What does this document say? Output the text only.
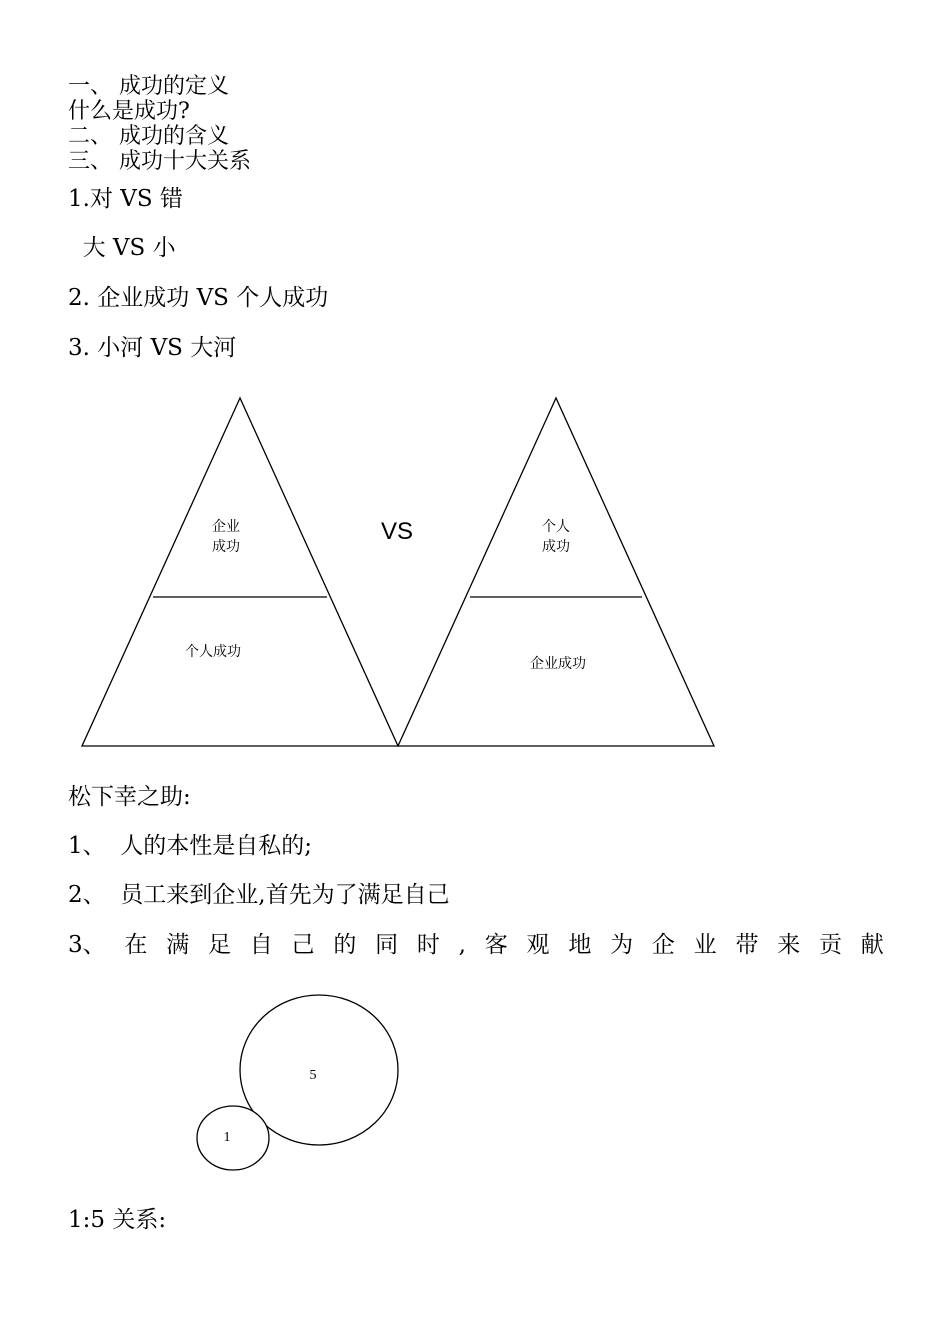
一、 成功的定义
什么是成功?
二、 成功的含义
三、 成功十大关系
1.对 VS 错
大 VS 小
2. 企业成功 VS 个人成功
3. 小河 VS 大河
企业
成功
个人成功
VS	个人
成功
企业成功
5
1
松下幸之助:
1、  人的本性是自私的;
2、  员工来到企业,首先为了满足自己
3、 在 满 足 自 己 的 同 时 , 客 观 地 为 企 业 带 来 贡 献
1:5 关系:
